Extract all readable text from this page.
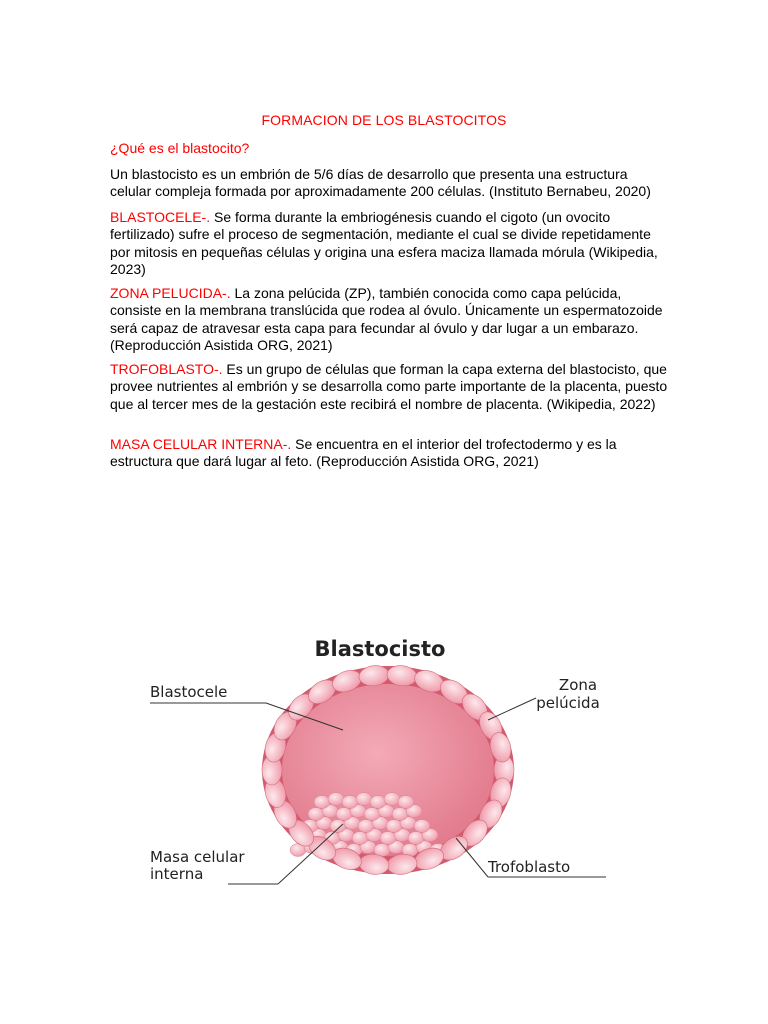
FORMACION DE LOS BLASTOCITOS
¿Qué es el blastocito?
Un blastocisto es un embrión de 5/6 días de desarrollo que presenta una estructura celular compleja formada por aproximadamente 200 células. (Instituto Bernabeu, 2020)
BLASTOCELE-. Se forma durante la embriogénesis cuando el cigoto (un ovocito fertilizado) sufre el proceso de segmentación, mediante el cual se divide repetidamente por mitosis en pequeñas células y origina una esfera maciza llamada mórula (Wikipedia, 2023)
ZONA PELUCIDA-. La zona pelúcida (ZP), también conocida como capa pelúcida, consiste en la membrana translúcida que rodea al óvulo. Únicamente un espermatozoide será capaz de atravesar esta capa para fecundar al óvulo y dar lugar a un embarazo. (Reproducción Asistida ORG, 2021)
TROFOBLASTO-. Es un grupo de células que forman la capa externa del blastocisto, que provee nutrientes al embrión y se desarrolla como parte importante de la placenta, puesto que al tercer mes de la gestación este recibirá el nombre de placenta. (Wikipedia, 2022)
MASA CELULAR INTERNA-. Se encuentra en el interior del trofectodermo y es la estructura que dará lugar al feto. (Reproducción Asistida ORG, 2021)
Blastocisto
Blastocele	Zona
pelúcida
Masa celular
interna	Trofoblasto
